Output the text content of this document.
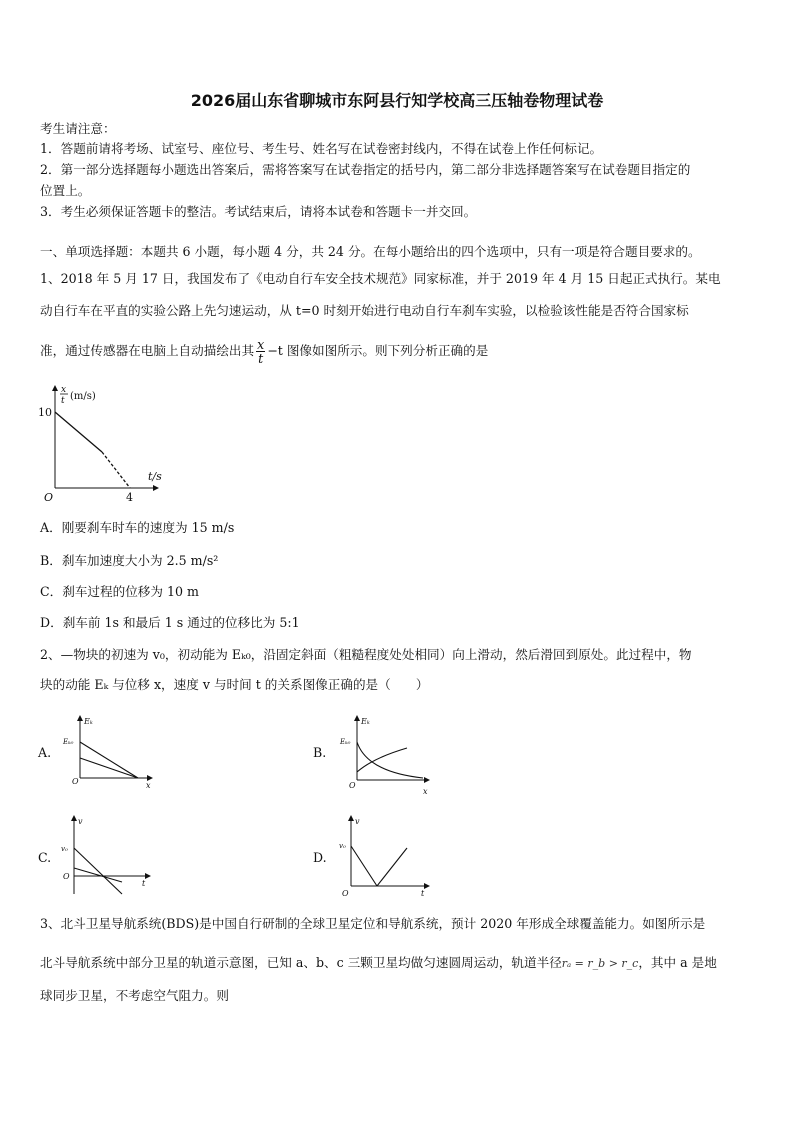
2026届山东省聊城市东阿县行知学校高三压轴卷物理试卷
考生请注意：
1．答题前请将考场、试室号、座位号、考生号、姓名写在试卷密封线内，不得在试卷上作任何标记。
2．第一部分选择题每小题选出答案后，需将答案写在试卷指定的括号内，第二部分非选择题答案写在试卷题目指定的
位置上。
3．考生必须保证答题卡的整洁。考试结束后，请将本试卷和答题卡一并交回。
一、单项选择题：本题共 6 小题，每小题 4 分，共 24 分。在每小题给出的四个选项中，只有一项是符合题目要求的。
1、2018 年 5 月 17 日，我国发布了《电动自行车安全技术规范》同家标准，并于 2019 年 4 月 15 日起正式执行。某电
动自行车在平直的实验公路上先匀速运动，从 t=0 时刻开始进行电动自行车刹车实验，以检验该性能是否符合国家标
准，通过传感器在电脑上自动描绘出其 $\frac{x}{t} -t$ 图像如图所示。则下列分析正确的是
10
4
O
t/s
x
t (m/s)
A．刚要刹车时车的速度为 15 m/s
B．刹车加速度大小为 2.5 m/s²
C．刹车过程的位移为 10 m
D．刹车前 1s 和最后 1 s 通过的位移比为 5:1
2、—物块的初速为 v₀，初动能为 Eₖ₀，沿固定斜面（粗糙程度处处相同）向上滑动，然后滑回到原处。此过程中，物
块的动能 Eₖ 与位移 x，速度 v 与时间 t 的关系图像正确的是（　　）
A.
Eₖ
Eₖ₀
O	x
B.
Eₖ
Eₖ₀
O
x
C.
v
v₀
O
t
D.
v
v₀
O	t
3、北斗卫星导航系统(BDS)是中国自行研制的全球卫星定位和导航系统，预计 2020 年形成全球覆盖能力。如图所示是
北斗导航系统中部分卫星的轨道示意图，已知 a、b、c 三颗卫星均做匀速圆周运动，轨道半径rₐ = r_b > r_c，其中 a 是地
球同步卫星，不考虑空气阻力。则
